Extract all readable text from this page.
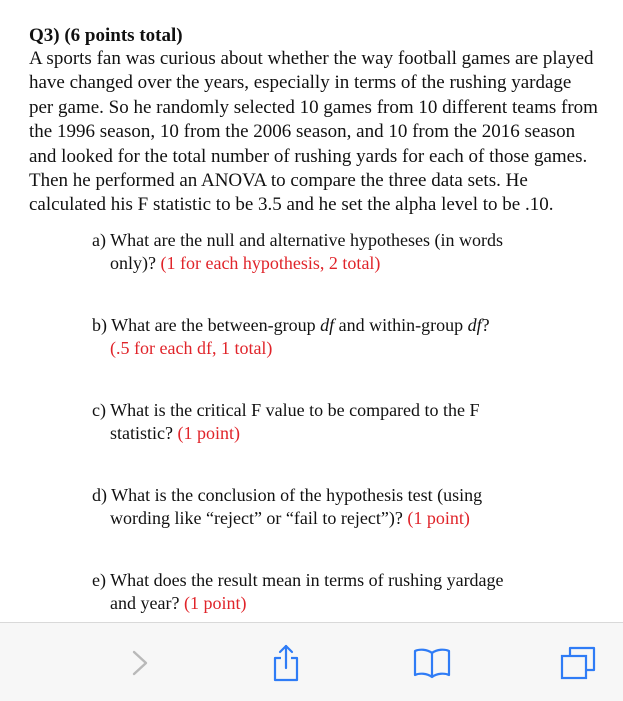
Q3) (6 points total)

A sports fan was curious about whether the way football games are played have changed over the years, especially in terms of the rushing yardage per game. So he randomly selected 10 games from 10 different teams from the 1996 season, 10 from the 2006 season, and 10 from the 2016 season and looked for the total number of rushing yards for each of those games. Then he performed an ANOVA to compare the three data sets. He calculated his F statistic to be 3.5 and he set the alpha level to be .10.

a) What are the null and alternative hypotheses (in words
only)? (1 for each hypothesis, 2 total)
b) What are the between-group df and within-group df?
(.5 for each df, 1 total)
c) What is the critical F value to be compared to the F
statistic? (1 point)
d) What is the conclusion of the hypothesis test (using
wording like “reject” or “fail to reject”)? (1 point)
e) What does the result mean in terms of rushing yardage
and year? (1 point)
